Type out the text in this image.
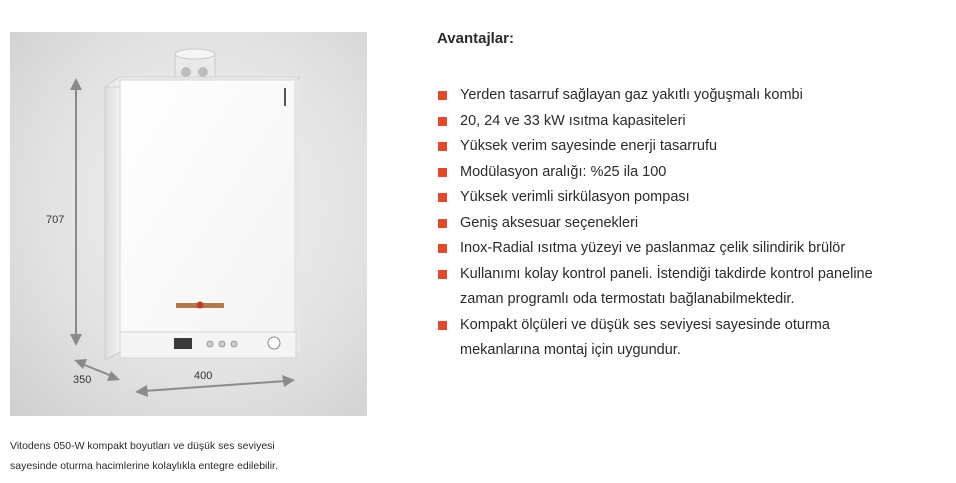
707
350	400
Vitodens 050-W kompakt boyutları ve düşük ses seviyesi
sayesinde oturma hacimlerine kolaylıkla entegre edilebilir.
Avantajlar:
Yerden tasarruf sağlayan gaz yakıtlı yoğuşmalı kombi
20, 24 ve 33 kW ısıtma kapasiteleri
Yüksek verim sayesinde enerji tasarrufu
Modülasyon aralığı: %25 ila 100
Yüksek verimli sirkülasyon pompası
Geniş aksesuar seçenekleri
Inox-Radial ısıtma yüzeyi ve paslanmaz çelik silindirik brülör
Kullanımı kolay kontrol paneli. İstendiği takdirde kontrol paneline
zaman programlı oda termostatı bağlanabilmektedir.
Kompakt ölçüleri ve düşük ses seviyesi sayesinde oturma
mekanlarına montaj için uygundur.
